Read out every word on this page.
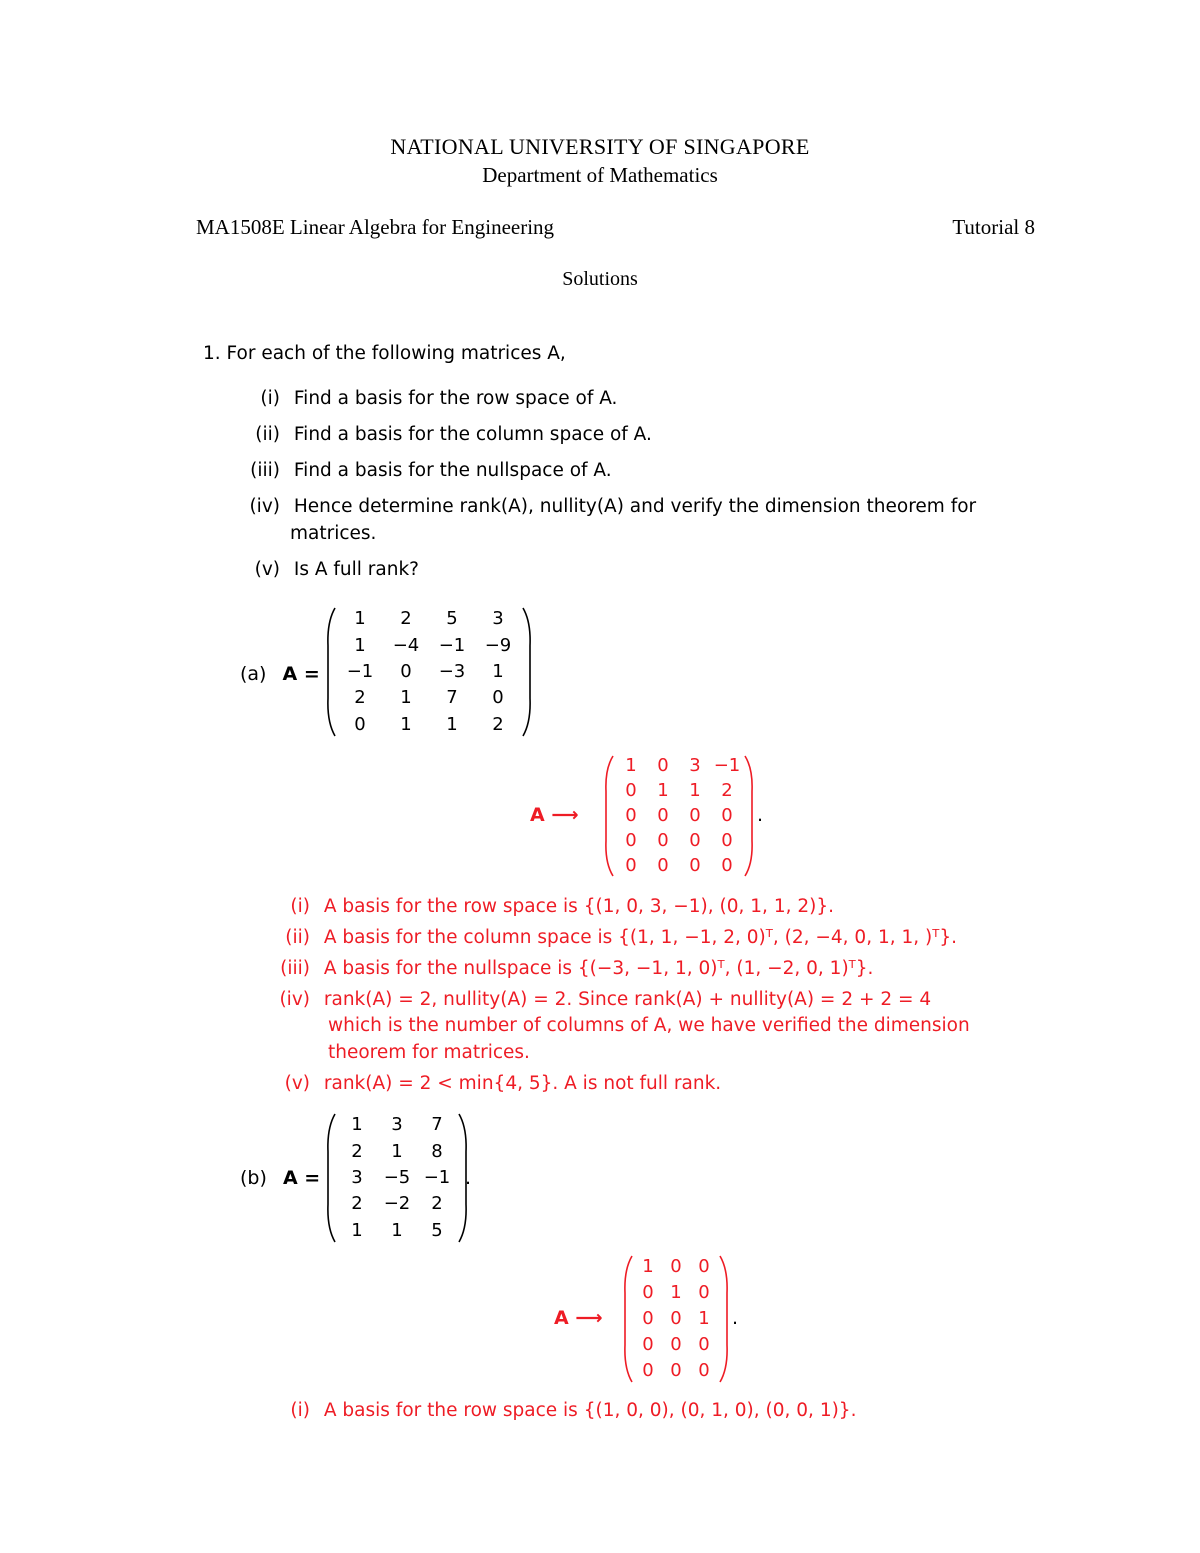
NATIONAL UNIVERSITY OF SINGAPORE
Department of Mathematics
MA1508E Linear Algebra for Engineering	Tutorial 8
Solutions
1. For each of the following matrices A,
(i) Find a basis for the row space of A.
(ii) Find a basis for the column space of A.
(iii) Find a basis for the nullspace of A.
(iv) Hence determine rank(A), nullity(A) and verify the dimension theorem for
matrices.
(v) Is A full rank?
(a) A =
1 2 5 3
1 −4 −1 −9
−1 0 −3 1
2 1 7 0
0 1 1 2
A ⟶
1 0 3 −1
0 1 1 2
0 0 0 0
0 0 0 0
0 0 0 0
.
(i) A basis for the row space is {(1, 0, 3, −1), (0, 1, 1, 2)}.
(ii) A basis for the column space is {(1, 1, −1, 2, 0)ᵀ, (2, −4, 0, 1, 1, )ᵀ}.
(iii) A basis for the nullspace is {(−3, −1, 1, 0)ᵀ, (1, −2, 0, 1)ᵀ}.
(iv) rank(A) = 2, nullity(A) = 2. Since rank(A) + nullity(A) = 2 + 2 = 4
which is the number of columns of A, we have verified the dimension
theorem for matrices.
(v) rank(A) = 2 < min{4, 5}. A is not full rank.
(b) A =
1 3 7
2 1 8
3 −5 −1
2 −2 2
1 1 5
.
A ⟶
1 0 0
0 1 0
0 0 1
0 0 0
0 0 0
.
(i) A basis for the row space is {(1, 0, 0), (0, 1, 0), (0, 0, 1)}.
